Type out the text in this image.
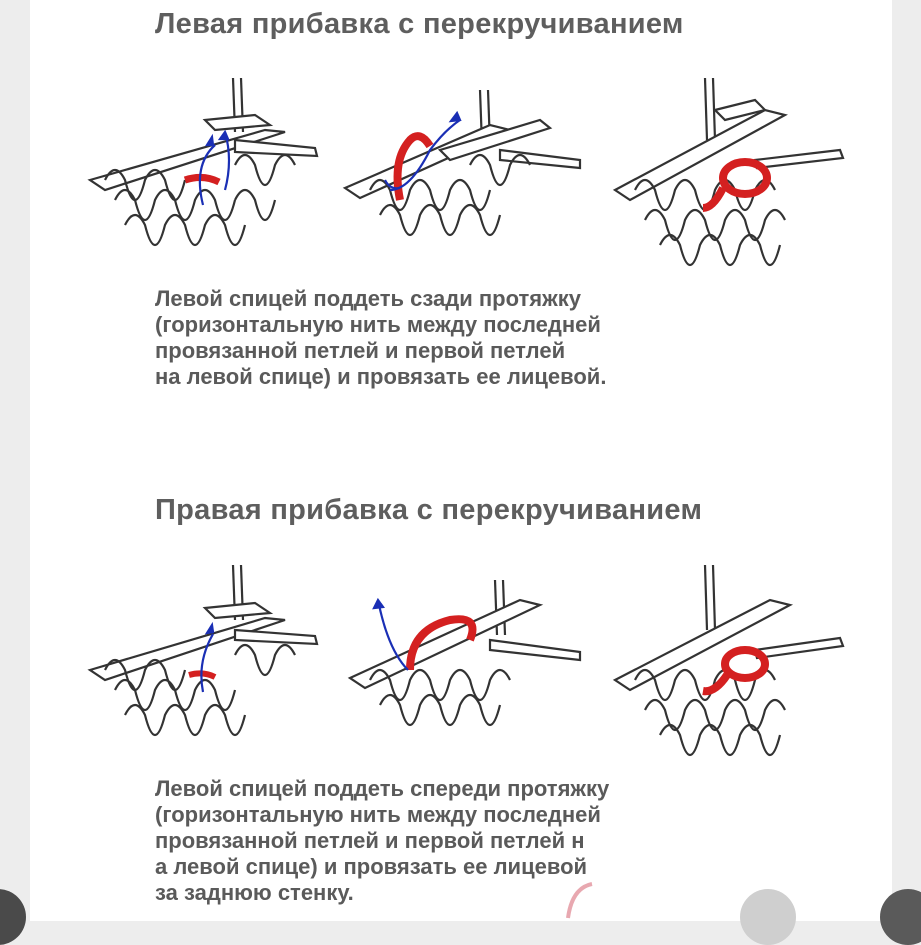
Левая прибавка с перекручиванием
Левой спицей поддеть сзади протяжку
(горизонтальную нить между последней
провязанной петлей и первой петлей
на левой спице) и провязать ее лицевой.
Правая прибавка с перекручиванием
Левой спицей поддеть спереди протяжку
(горизонтальную нить между последней
провязанной петлей и первой петлей н
а левой спице) и провязать ее лицевой
за заднюю стенку.
